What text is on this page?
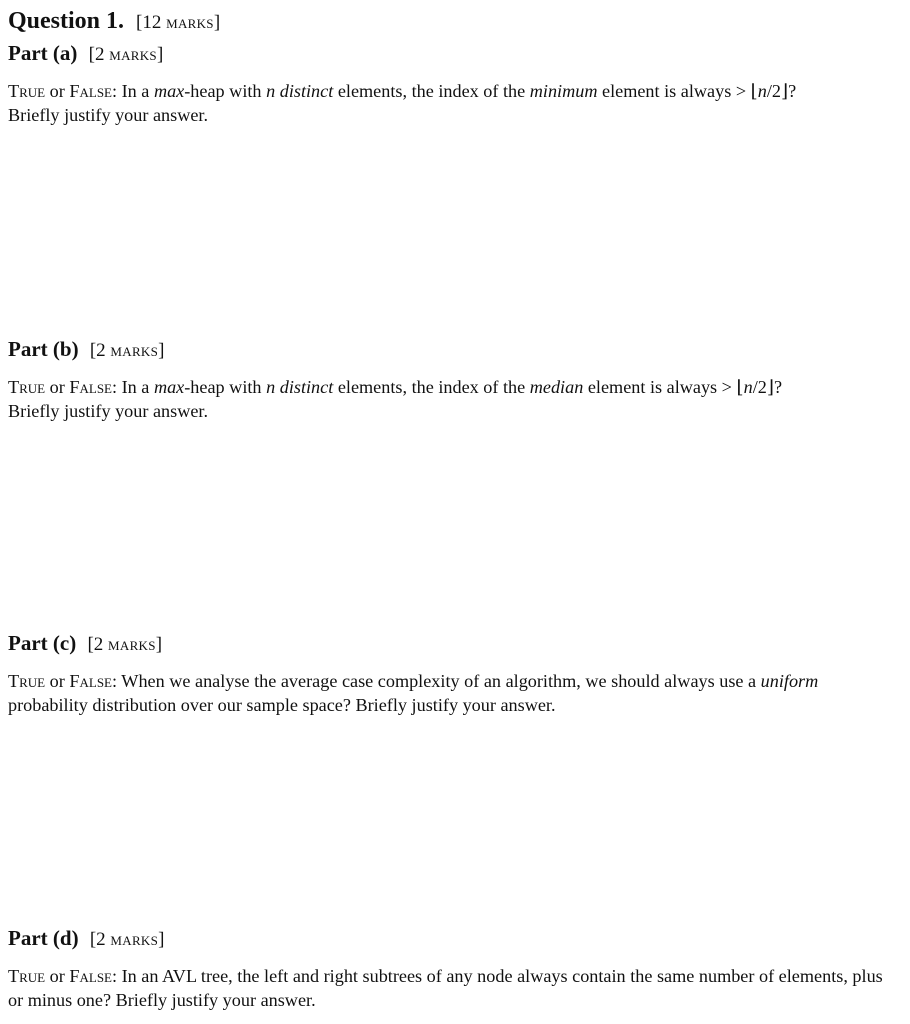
Question 1. [12 marks]
Part (a) [2 marks]
True or False: In a max-heap with n distinct elements, the index of the minimum element is always > ⌊n/2⌋?
Briefly justify your answer.
Part (b) [2 marks]
True or False: In a max-heap with n distinct elements, the index of the median element is always > ⌊n/2⌋?
Briefly justify your answer.
Part (c) [2 marks]
True or False: When we analyse the average case complexity of an algorithm, we should always use a uniform probability distribution over our sample space? Briefly justify your answer.
Part (d) [2 marks]
True or False: In an AVL tree, the left and right subtrees of any node always contain the same number of elements, plus or minus one? Briefly justify your answer.
